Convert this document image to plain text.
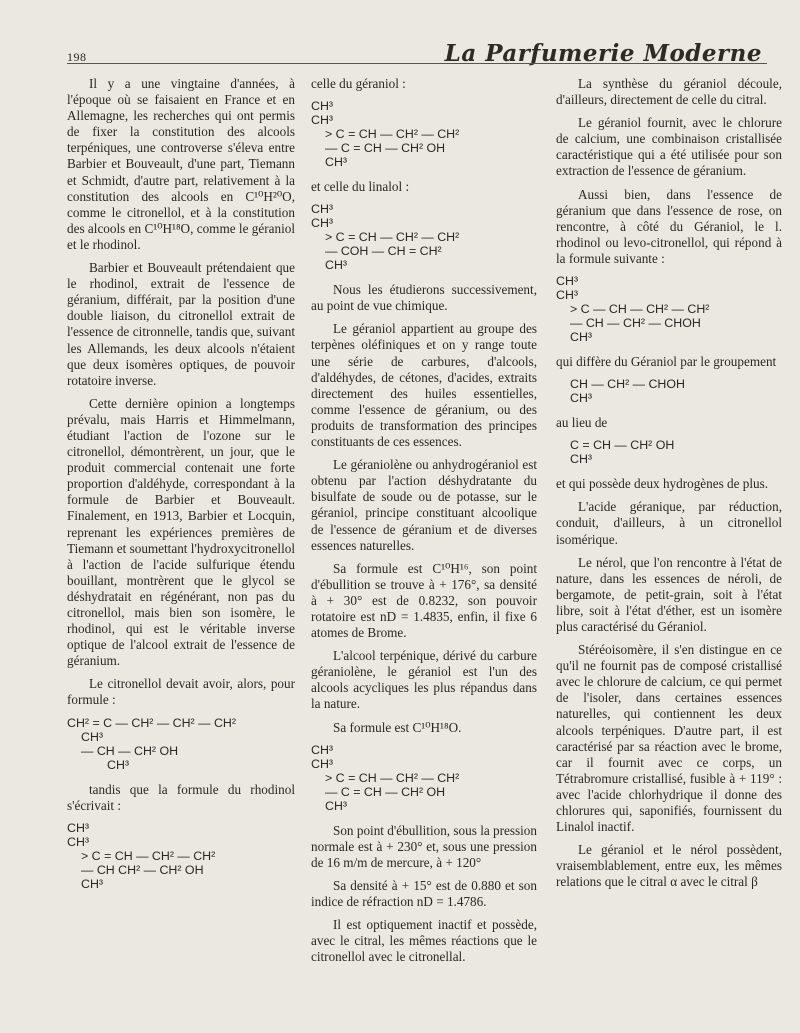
198	La Parfumerie Moderne

Il y a une vingtaine d'années, à l'époque où se faisaient en France et en Allemagne, les recherches qui ont permis de fixer la constitution des alcools terpéniques, une controverse s'éleva entre Barbier et Bouveault, d'une part, Tiemann et Schmidt, d'autre part, relativement à la constitution des alcools en C¹⁰H²⁰O, comme le citronellol, et à la constitution des alcools en C¹⁰H¹⁸O, comme le géraniol et le rhodinol.

Barbier et Bouveault prétendaient que le rhodinol, extrait de l'essence de géranium, différait, par la position d'une double liaison, du citronellol extrait de l'essence de citronnelle, tandis que, suivant les Allemands, les deux alcools n'étaient que deux isomères optiques, de pouvoir rotatoire inverse.

Cette dernière opinion a longtemps prévalu, mais Harris et Himmelmann, étudiant l'action de l'ozone sur le citronellol, démontrèrent, un jour, que le produit commercial contenait une forte proportion d'aldéhyde, correspondant à la formule de Barbier et Bouveault. Finalement, en 1913, Barbier et Locquin, reprenant les expériences premières de Tiemann et soumettant l'hydroxycitronellol à l'action de l'acide sulfurique étendu bouillant, montrèrent que le glycol se déshydratait en régénérant, non pas du citronellol, mais bien son isomère, le rhodinol, qui est le véritable inverse optique de l'alcool extrait de l'essence de géranium.

Le citronellol devait avoir, alors, pour formule :

CH² = C — CH² — CH² — CH²
CH³
— CH — CH² OH
CH³

tandis que la formule du rhodinol s'écrivait :

CH³
CH³
> C = CH — CH² — CH²
— CH CH² — CH² OH
CH³

celle du géraniol :

CH³
CH³
> C = CH — CH² — CH²
— C = CH — CH² OH
CH³

et celle du linalol :

CH³
CH³
> C = CH — CH² — CH²
— COH — CH = CH²
CH³

Nous les étudierons successivement, au point de vue chimique.

Le géraniol appartient au groupe des terpènes oléfiniques et on y range toute une série de carbures, d'alcools, d'aldéhydes, de cétones, d'acides, extraits directement des huiles essentielles, comme l'essence de géranium, ou des produits de transformation des principes constituants de ces essences.

Le géraniolène ou anhydrogéraniol est obtenu par l'action déshydratante du bisulfate de soude ou de potasse, sur le géraniol, principe constituant alcoolique de l'essence de géranium et de diverses essences naturelles.

Sa formule est C¹⁰H¹⁶, son point d'ébullition se trouve à + 176°, sa densité à + 30° est de 0.8232, son pouvoir rotatoire est nD = 1.4835, enfin, il fixe 6 atomes de Brome.

L'alcool terpénique, dérivé du carbure géraniolène, le géraniol est l'un des alcools acycliques les plus répandus dans la nature.

Sa formule est C¹⁰H¹⁸O.

CH³
CH³
> C = CH — CH² — CH²
— C = CH — CH² OH
CH³

Son point d'ébullition, sous la pression normale est à + 230° et, sous une pression de 16 m/m de mercure, à + 120°

Sa densité à + 15° est de 0.880 et son indice de réfraction nD = 1.4786.

Il est optiquement inactif et possède, avec le citral, les mêmes réactions que le citronellol avec le citronellal.

La synthèse du géraniol découle, d'ailleurs, directement de celle du citral.

Le géraniol fournit, avec le chlorure de calcium, une combinaison cristallisée caractéristique qui a été utilisée pour son extraction de l'essence de géranium.

Aussi bien, dans l'essence de géranium que dans l'essence de rose, on rencontre, à côté du Géraniol, le l. rhodinol ou levo-citronellol, qui répond à la formule suivante :

CH³
CH³
> C — CH — CH² — CH²
— CH — CH² — CHOH
CH³

qui diffère du Géraniol par le groupement

CH — CH² — CHOH
CH³

au lieu de

C = CH — CH² OH
CH³

et qui possède deux hydrogènes de plus.

L'acide géranique, par réduction, conduit, d'ailleurs, à un citronellol isomérique.

Le nérol, que l'on rencontre à l'état de nature, dans les essences de néroli, de bergamote, de petit-grain, soit à l'état libre, soit à l'état d'éther, est un isomère plus caractérisé du Géraniol.

Stéréoisomère, il s'en distingue en ce qu'il ne fournit pas de composé cristallisé avec le chlorure de calcium, ce qui permet de l'isoler, dans certaines essences naturelles, qui contiennent les deux alcools terpéniques. D'autre part, il est caractérisé par sa réaction avec le brome, car il fournit avec ce corps, un Tétrabromure cristallisé, fusible à + 119° : avec l'acide chlorhydrique il donne des chlorures qui, saponifiés, fournissent du Linalol inactif.

Le géraniol et le nérol possèdent, vraisemblablement, entre eux, les mêmes relations que le citral α avec le citral β
